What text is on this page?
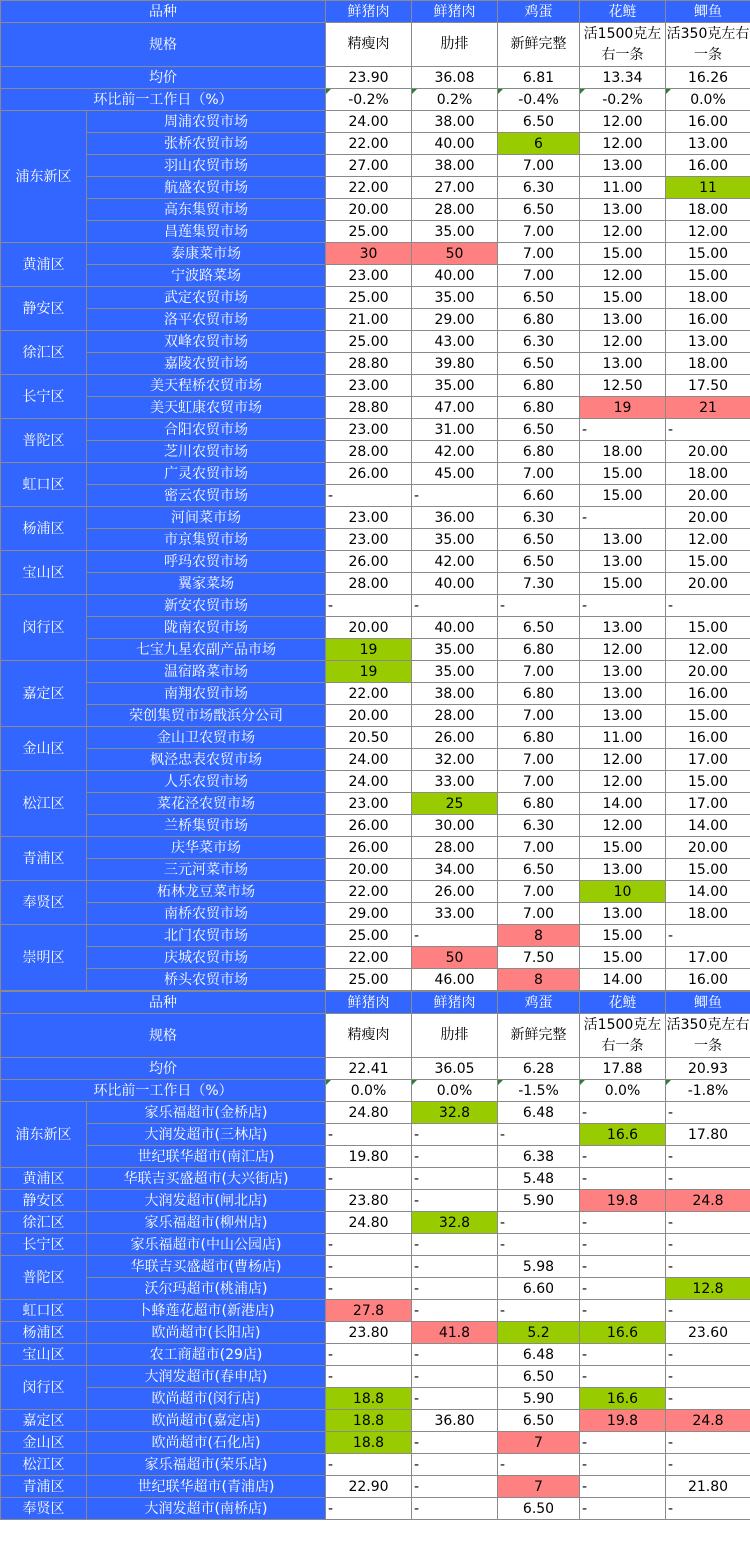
品种		鲜猪肉	鲜猪肉	鸡蛋	花鲢	鲫鱼
规格		精瘦肉	肋排	新鲜完整	活1500克左右一条	活350克左右一条
均价		23.90	36.08	6.81	13.34	16.26
环比前一工作日（%）		-0.2%	0.2%	-0.4%	-0.2%	0.0%
浦东新区	周浦农贸市场	24.00	38.00	6.50	12.00	16.00
	张桥农贸市场	22.00	40.00	6	12.00	13.00
	羽山农贸市场	27.00	38.00	7.00	13.00	16.00
	航盛农贸市场	22.00	27.00	6.30	11.00	11
	高东集贸市场	20.00	28.00	6.50	13.00	18.00
	昌莲集贸市场	25.00	35.00	7.00	12.00	12.00
黄浦区	泰康菜市场	30	50	7.00	15.00	15.00
	宁波路菜场	23.00	40.00	7.00	12.00	15.00
静安区	武定农贸市场	25.00	35.00	6.50	15.00	18.00
	洛平农贸市场	21.00	29.00	6.80	13.00	16.00
徐汇区	双峰农贸市场	25.00	43.00	6.30	12.00	13.00
	嘉陵农贸市场	28.80	39.80	6.50	13.00	18.00
长宁区	美天程桥农贸市场	23.00	35.00	6.80	12.50	17.50
	美天虹康农贸市场	28.80	47.00	6.80	19	21
普陀区	合阳农贸市场	23.00	31.00	6.50	-	-
	芝川农贸市场	28.00	42.00	6.80	18.00	20.00
虹口区	广灵农贸市场	26.00	45.00	7.00	15.00	18.00
	密云农贸市场	-	-	6.60	15.00	20.00
杨浦区	河间菜市场	23.00	36.00	6.30	-	20.00
	市京集贸市场	23.00	35.00	6.50	13.00	12.00
宝山区	呼玛农贸市场	26.00	42.00	6.50	13.00	15.00
	翼家菜场	28.00	40.00	7.30	15.00	20.00
闵行区	新安农贸市场	-	-	-	-	-
	陇南农贸市场	20.00	40.00	6.50	13.00	15.00
	七宝九星农副产品市场	19	35.00	6.80	12.00	12.00
嘉定区	温宿路菜市场	19	35.00	7.00	13.00	20.00
	南翔农贸市场	22.00	38.00	6.80	13.00	16.00
	荣创集贸市场戬浜分公司	20.00	28.00	7.00	13.00	15.00
金山区	金山卫农贸市场	20.50	26.00	6.80	11.00	16.00
	枫泾忠表农贸市场	24.00	32.00	7.00	12.00	17.00
松江区	人乐农贸市场	24.00	33.00	7.00	12.00	15.00
	菜花泾农贸市场	23.00	25	6.80	14.00	17.00
	兰桥集贸市场	26.00	30.00	6.30	12.00	14.00
青浦区	庆华菜市场	26.00	28.00	7.00	15.00	20.00
	三元河菜市场	20.00	34.00	6.50	13.00	15.00
奉贤区	柘林龙豆菜市场	22.00	26.00	7.00	10	14.00
	南桥农贸市场	29.00	33.00	7.00	13.00	18.00
崇明区	北门农贸市场	25.00	-	8	15.00	-
	庆城农贸市场	22.00	50	7.50	15.00	17.00
	桥头农贸市场	25.00	46.00	8	14.00	16.00
品种		鲜猪肉	鲜猪肉	鸡蛋	花鲢	鲫鱼
规格		精瘦肉	肋排	新鲜完整	活1500克左右一条	活350克左右一条
均价		22.41	36.05	6.28	17.88	20.93
环比前一工作日（%）		0.0%	0.0%	-1.5%	0.0%	-1.8%
浦东新区	家乐福超市(金桥店)	24.80	32.8	6.48	-	-
	大润发超市(三林店)	-	-	-	16.6	17.80
	世纪联华超市(南汇店)	19.80	-	6.38	-	-
黄浦区	华联吉买盛超市(大兴街店)	-	-	5.48	-	-
静安区	大润发超市(闸北店)	23.80	-	5.90	19.8	24.8
徐汇区	家乐福超市(柳州店)	24.80	32.8	-	-	-
长宁区	家乐福超市(中山公园店)	-	-	-	-	-
普陀区	华联吉买盛超市(曹杨店)	-	-	5.98	-	-
	沃尔玛超市(桃浦店)	-	-	6.60	-	12.8
虹口区	卜蜂莲花超市(新港店)	27.8	-	-	-	-
杨浦区	欧尚超市(长阳店)	23.80	41.8	5.2	16.6	23.60
宝山区	农工商超市(29店)	-	-	6.48	-	-
闵行区	大润发超市(春申店)	-	-	6.50	-	-
	欧尚超市(闵行店)	18.8	-	5.90	16.6	-
嘉定区	欧尚超市(嘉定店)	18.8	36.80	6.50	19.8	24.8
金山区	欧尚超市(石化店)	18.8	-	7	-	-
松江区	家乐福超市(荣乐店)	-	-	-	-	-
青浦区	世纪联华超市(青浦店)	22.90	-	7	-	21.80
奉贤区	大润发超市(南桥店)	-	-	6.50	-	-
